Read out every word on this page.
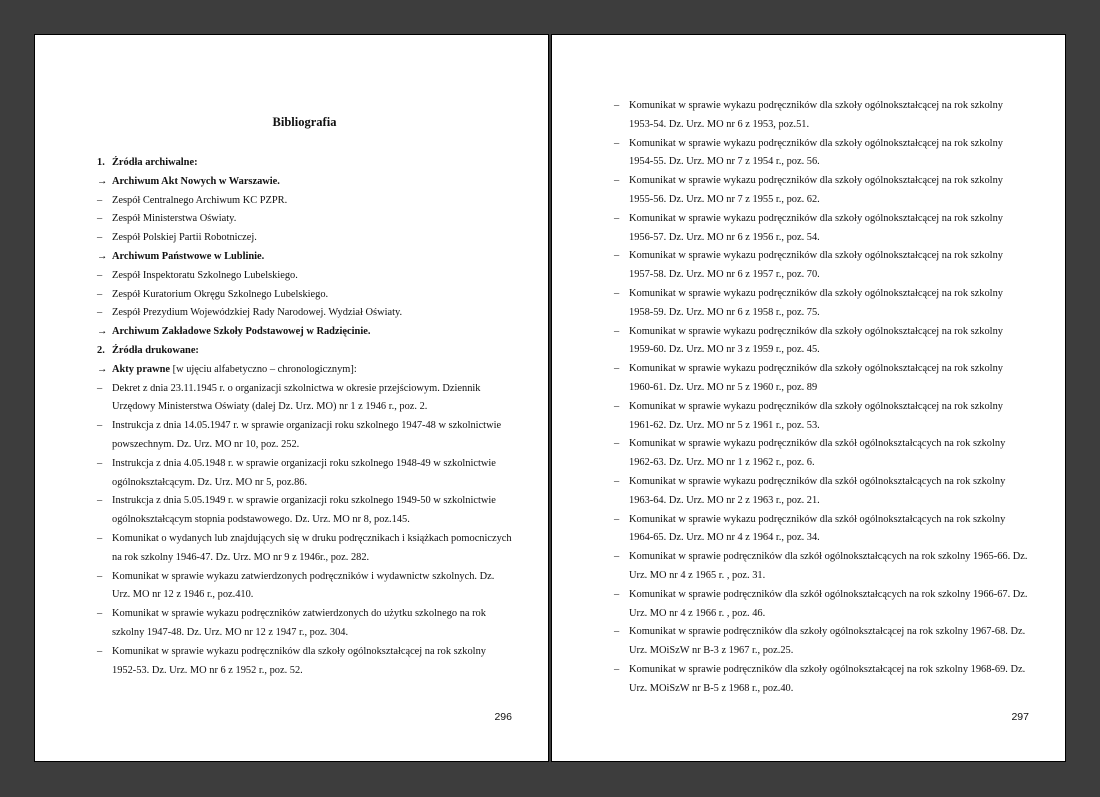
Bibliografia

1. Źródła archiwalne:

→ Archiwum Akt Nowych w Warszawie.

– Zespół Centralnego Archiwum KC PZPR.

– Zespół Ministerstwa Oświaty.

– Zespół Polskiej Partii Robotniczej.

→ Archiwum Państwowe w Lublinie.

– Zespół Inspektoratu Szkolnego Lubelskiego.

– Zespół Kuratorium Okręgu Szkolnego Lubelskiego.

– Zespół Prezydium Wojewódzkiej Rady Narodowej. Wydział Oświaty.

→ Archiwum Zakładowe Szkoły Podstawowej w Radzięcinie.

2. Źródła drukowane:

→ Akty prawne [w ujęciu alfabetyczno – chronologicznym]:

– Dekret z dnia 23.11.1945 r. o organizacji szkolnictwa w okresie przejściowym. Dziennik Urzędowy Ministerstwa Oświaty (dalej Dz. Urz. MO) nr 1 z 1946 r., poz. 2.

– Instrukcja z dnia 14.05.1947 r. w sprawie organizacji roku szkolnego 1947-48 w szkolnictwie powszechnym. Dz. Urz. MO nr 10, poz. 252.

– Instrukcja z dnia 4.05.1948 r. w sprawie organizacji roku szkolnego 1948-49 w szkolnictwie ogólnokształcącym. Dz. Urz. MO nr 5, poz.86.

– Instrukcja z dnia 5.05.1949 r. w sprawie organizacji roku szkolnego 1949-50 w szkolnictwie ogólnokształcącym stopnia podstawowego. Dz. Urz. MO nr 8, poz.145.

– Komunikat o wydanych lub znajdujących się w druku podręcznikach i książkach pomocniczych na rok szkolny 1946-47. Dz. Urz. MO nr 9 z 1946r., poz. 282.

– Komunikat w sprawie wykazu zatwierdzonych podręczników i wydawnictw szkolnych. Dz. Urz. MO nr 12 z 1946 r., poz.410.

– Komunikat w sprawie wykazu podręczników zatwierdzonych do użytku szkolnego na rok szkolny 1947-48. Dz. Urz. MO nr 12 z 1947 r., poz. 304.

– Komunikat w sprawie wykazu podręczników dla szkoły ogólnokształcącej na rok szkolny 1952-53. Dz. Urz. MO nr 6 z 1952 r., poz. 52.

296

– Komunikat w sprawie wykazu podręczników dla szkoły ogólnokształcącej na rok szkolny 1953-54. Dz. Urz. MO nr 6 z 1953, poz.51.

– Komunikat w sprawie wykazu podręczników dla szkoły ogólnokształcącej na rok szkolny 1954-55. Dz. Urz. MO nr 7 z 1954 r., poz. 56.

– Komunikat w sprawie wykazu podręczników dla szkoły ogólnokształcącej na rok szkolny 1955-56. Dz. Urz. MO nr 7 z 1955 r., poz. 62.

– Komunikat w sprawie wykazu podręczników dla szkoły ogólnokształcącej na rok szkolny 1956-57. Dz. Urz. MO nr 6 z 1956 r., poz. 54.

– Komunikat w sprawie wykazu podręczników dla szkoły ogólnokształcącej na rok szkolny 1957-58. Dz. Urz. MO nr 6 z 1957 r., poz. 70.

– Komunikat w sprawie wykazu podręczników dla szkoły ogólnokształcącej na rok szkolny 1958-59. Dz. Urz. MO nr 6 z 1958 r., poz. 75.

– Komunikat w sprawie wykazu podręczników dla szkoły ogólnokształcącej na rok szkolny 1959-60. Dz. Urz. MO nr 3 z 1959 r., poz. 45.

– Komunikat w sprawie wykazu podręczników dla szkoły ogólnokształcącej na rok szkolny 1960-61. Dz. Urz. MO nr 5 z 1960 r., poz. 89

– Komunikat w sprawie wykazu podręczników dla szkoły ogólnokształcącej na rok szkolny 1961-62. Dz. Urz. MO nr 5 z 1961 r., poz. 53.

– Komunikat w sprawie wykazu podręczników dla szkół ogólnokształcących na rok szkolny 1962-63. Dz. Urz. MO nr 1 z 1962 r., poz. 6.

– Komunikat w sprawie wykazu podręczników dla szkół ogólnokształcących na rok szkolny 1963-64. Dz. Urz. MO nr 2 z 1963 r., poz. 21.

– Komunikat w sprawie wykazu podręczników dla szkół ogólnokształcących na rok szkolny 1964-65. Dz. Urz. MO nr 4 z 1964 r., poz. 34.

– Komunikat w sprawie podręczników dla szkół ogólnokształcących na rok szkolny 1965-66. Dz. Urz. MO nr 4 z 1965 r. , poz. 31.

– Komunikat w sprawie podręczników dla szkół ogólnokształcących na rok szkolny 1966-67. Dz. Urz. MO nr 4 z 1966 r. , poz. 46.

– Komunikat w sprawie podręczników dla szkoły ogólnokształcącej na rok szkolny 1967-68. Dz. Urz. MOiSzW nr B-3 z 1967 r., poz.25.

– Komunikat w sprawie podręczników dla szkoły ogólnokształcącej na rok szkolny 1968-69. Dz. Urz. MOiSzW nr B-5 z 1968 r., poz.40.

297
